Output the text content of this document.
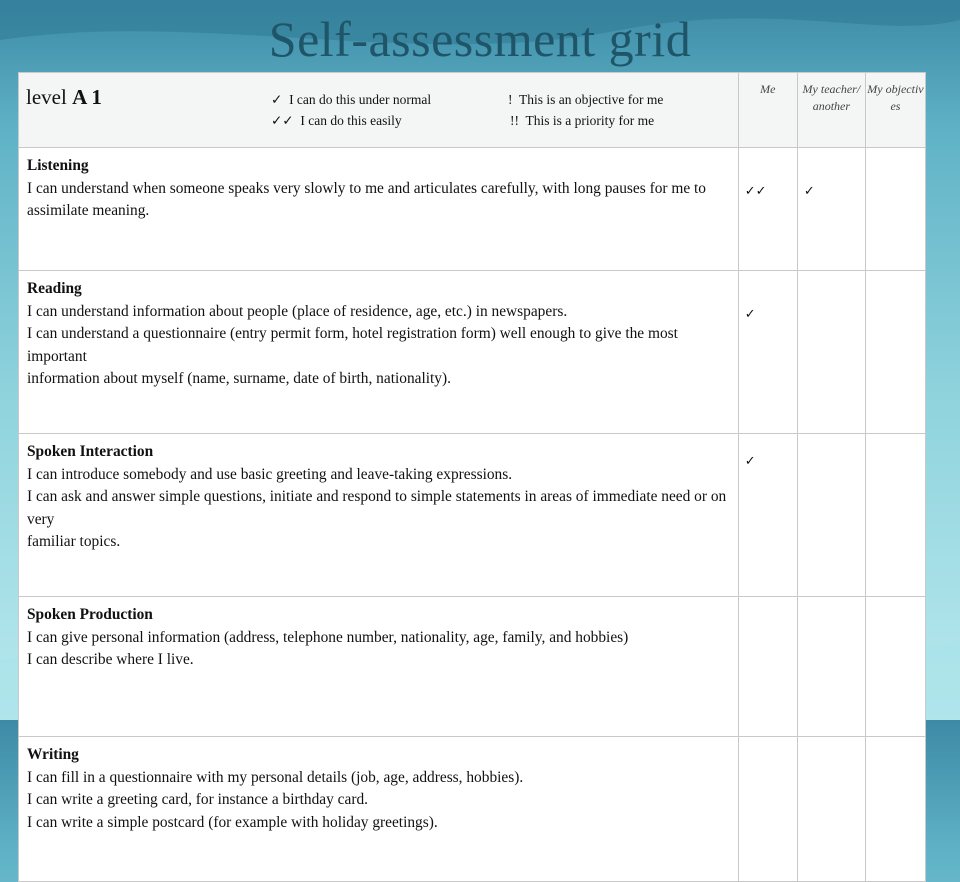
Self-assessment grid
level A 1 ✓ I can do this under normal
✓✓ I can do this easily
! This is an objective for me
!! This is a priority for me	Me	My teacher/ another	My objectiv es

Listening
I can understand when someone speaks very slowly to me and articulates carefully, with long pauses for me to assimilate meaning.	✓✓	✓	

Reading
I can understand information about people (place of residence, age, etc.) in newspapers.
I can understand a questionnaire (entry permit form, hotel registration form) well enough to give the most important
information about myself (name, surname, date of birth, nationality).	✓		

Spoken Interaction
I can introduce somebody and use basic greeting and leave-taking expressions.
I can ask and answer simple questions, initiate and respond to simple statements in areas of immediate need or on very
familiar topics.	✓		

Spoken Production
I can give personal information (address, telephone number, nationality, age, family, and hobbies)
I can describe where I live.			

Writing
I can fill in a questionnaire with my personal details (job, age, address, hobbies).
I can write a greeting card, for instance a birthday card.
I can write a simple postcard (for example with holiday greetings).			
